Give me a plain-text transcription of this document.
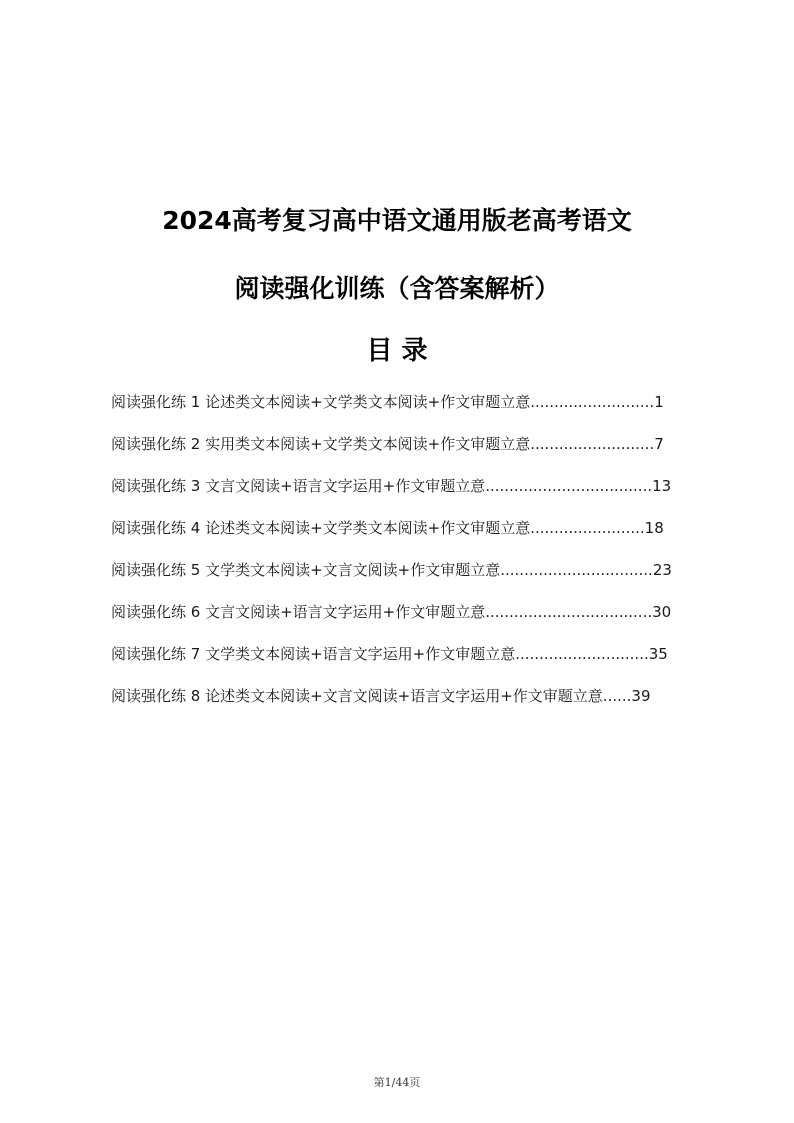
2024高考复习高中语文通用版老高考语文
阅读强化训练（含答案解析）
目 录
阅读强化练 1 论述类文本阅读+文学类文本阅读+作文审题立意 .......................... 1
阅读强化练 2 实用类文本阅读+文学类文本阅读+作文审题立意 .......................... 7
阅读强化练 3 文言文阅读+语言文字运用+作文审题立意 ................................... 13
阅读强化练 4 论述类文本阅读+文学类文本阅读+作文审题立意 ........................ 18
阅读强化练 5 文学类文本阅读+文言文阅读+作文审题立意 ................................ 23
阅读强化练 6 文言文阅读+语言文字运用+作文审题立意 ................................... 30
阅读强化练 7 文学类文本阅读+语言文字运用+作文审题立意 ............................ 35
阅读强化练 8 论述类文本阅读+文言文阅读+语言文字运用+作文审题立意 ...... 39
第1/44页
